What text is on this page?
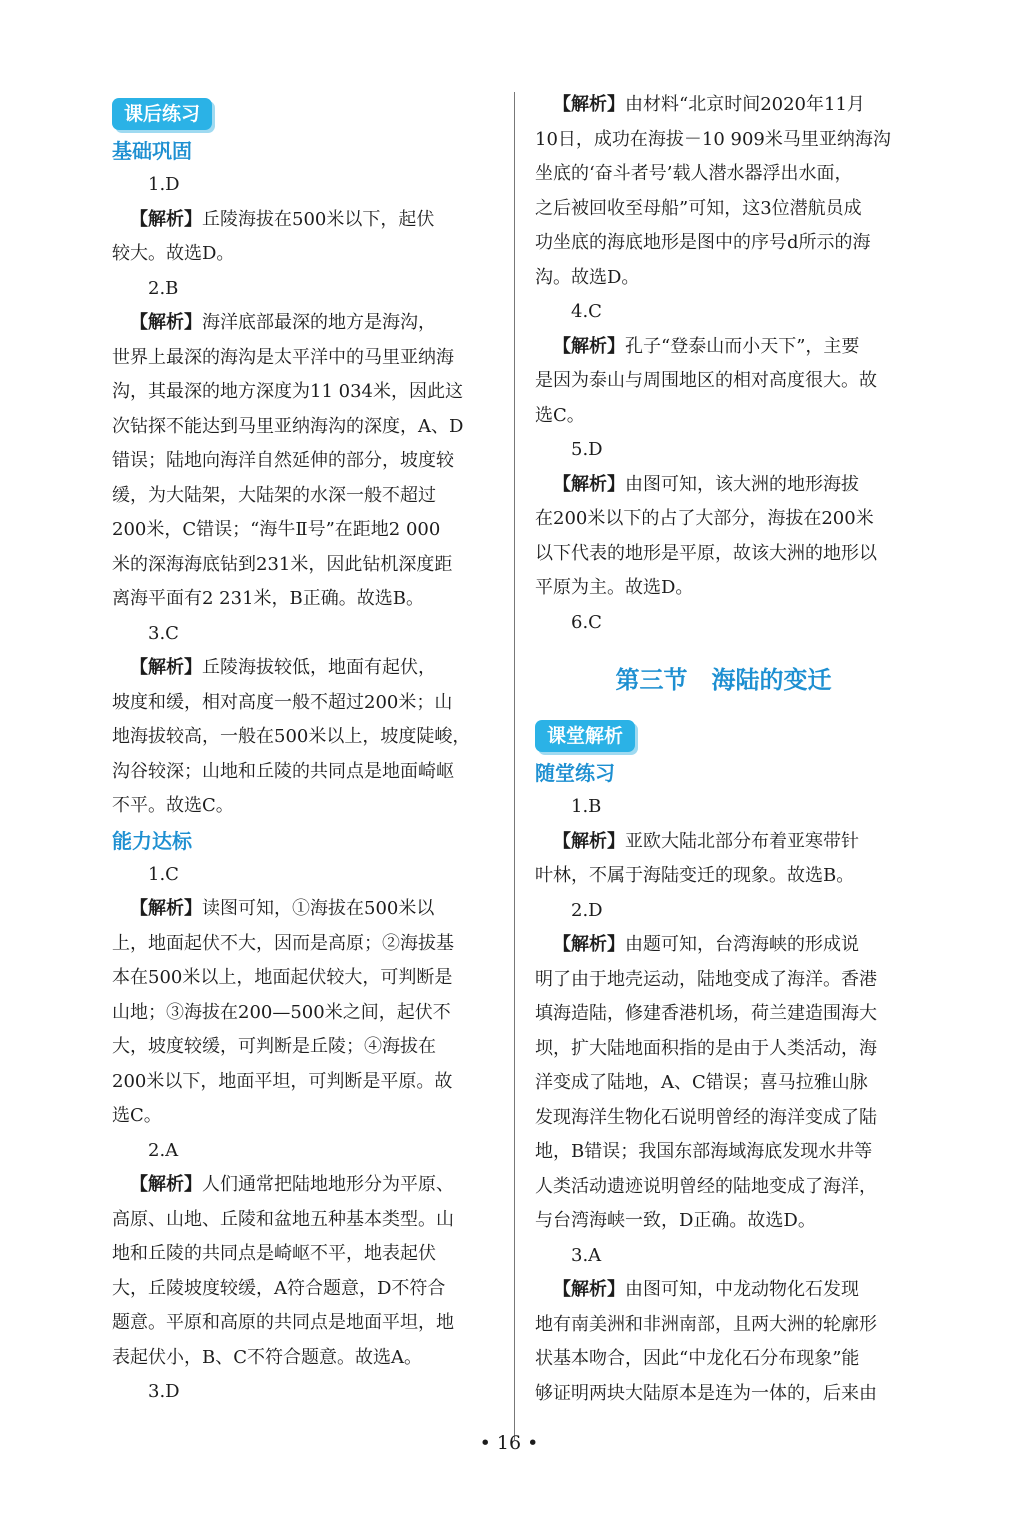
课后练习
基础巩固
1.D
【解析】丘陵海拔在500米以下，起伏
较大。故选D。
2.B
【解析】海洋底部最深的地方是海沟，
世界上最深的海沟是太平洋中的马里亚纳海
沟，其最深的地方深度为11 034米，因此这
次钻探不能达到马里亚纳海沟的深度，A、D
错误；陆地向海洋自然延伸的部分，坡度较
缓，为大陆架，大陆架的水深一般不超过
200米，C错误；“海牛Ⅱ号”在距地2 000
米的深海海底钻到231米，因此钻机深度距
离海平面有2 231米，B正确。故选B。
3.C
【解析】丘陵海拔较低，地面有起伏，
坡度和缓，相对高度一般不超过200米；山
地海拔较高，一般在500米以上，坡度陡峻，
沟谷较深；山地和丘陵的共同点是地面崎岖
不平。故选C。
能力达标
1.C
【解析】读图可知，①海拔在500米以
上，地面起伏不大，因而是高原；②海拔基
本在500米以上，地面起伏较大，可判断是
山地；③海拔在200—500米之间，起伏不
大，坡度较缓，可判断是丘陵；④海拔在
200米以下，地面平坦，可判断是平原。故
选C。
2.A
【解析】人们通常把陆地地形分为平原、
高原、山地、丘陵和盆地五种基本类型。山
地和丘陵的共同点是崎岖不平，地表起伏
大，丘陵坡度较缓，A符合题意，D不符合
题意。平原和高原的共同点是地面平坦，地
表起伏小，B、C不符合题意。故选A。
3.D
【解析】由材料“北京时间2020年11月
10日，成功在海拔－10 909米马里亚纳海沟
坐底的‘奋斗者号’载人潜水器浮出水面，
之后被回收至母船”可知，这3位潜航员成
功坐底的海底地形是图中的序号d所示的海
沟。故选D。
4.C
【解析】孔子“登泰山而小天下”，主要
是因为泰山与周围地区的相对高度很大。故
选C。
5.D
【解析】由图可知，该大洲的地形海拔
在200米以下的占了大部分，海拔在200米
以下代表的地形是平原，故该大洲的地形以
平原为主。故选D。
6.C
第三节　海陆的变迁
课堂解析
随堂练习
1.B
【解析】亚欧大陆北部分布着亚寒带针
叶林，不属于海陆变迁的现象。故选B。
2.D
【解析】由题可知，台湾海峡的形成说
明了由于地壳运动，陆地变成了海洋。香港
填海造陆，修建香港机场，荷兰建造围海大
坝，扩大陆地面积指的是由于人类活动，海
洋变成了陆地，A、C错误；喜马拉雅山脉
发现海洋生物化石说明曾经的海洋变成了陆
地，B错误；我国东部海域海底发现水井等
人类活动遗迹说明曾经的陆地变成了海洋，
与台湾海峡一致，D正确。故选D。
3.A
【解析】由图可知，中龙动物化石发现
地有南美洲和非洲南部，且两大洲的轮廓形
状基本吻合，因此“中龙化石分布现象”能
够证明两块大陆原本是连为一体的，后来由
• 16 •
